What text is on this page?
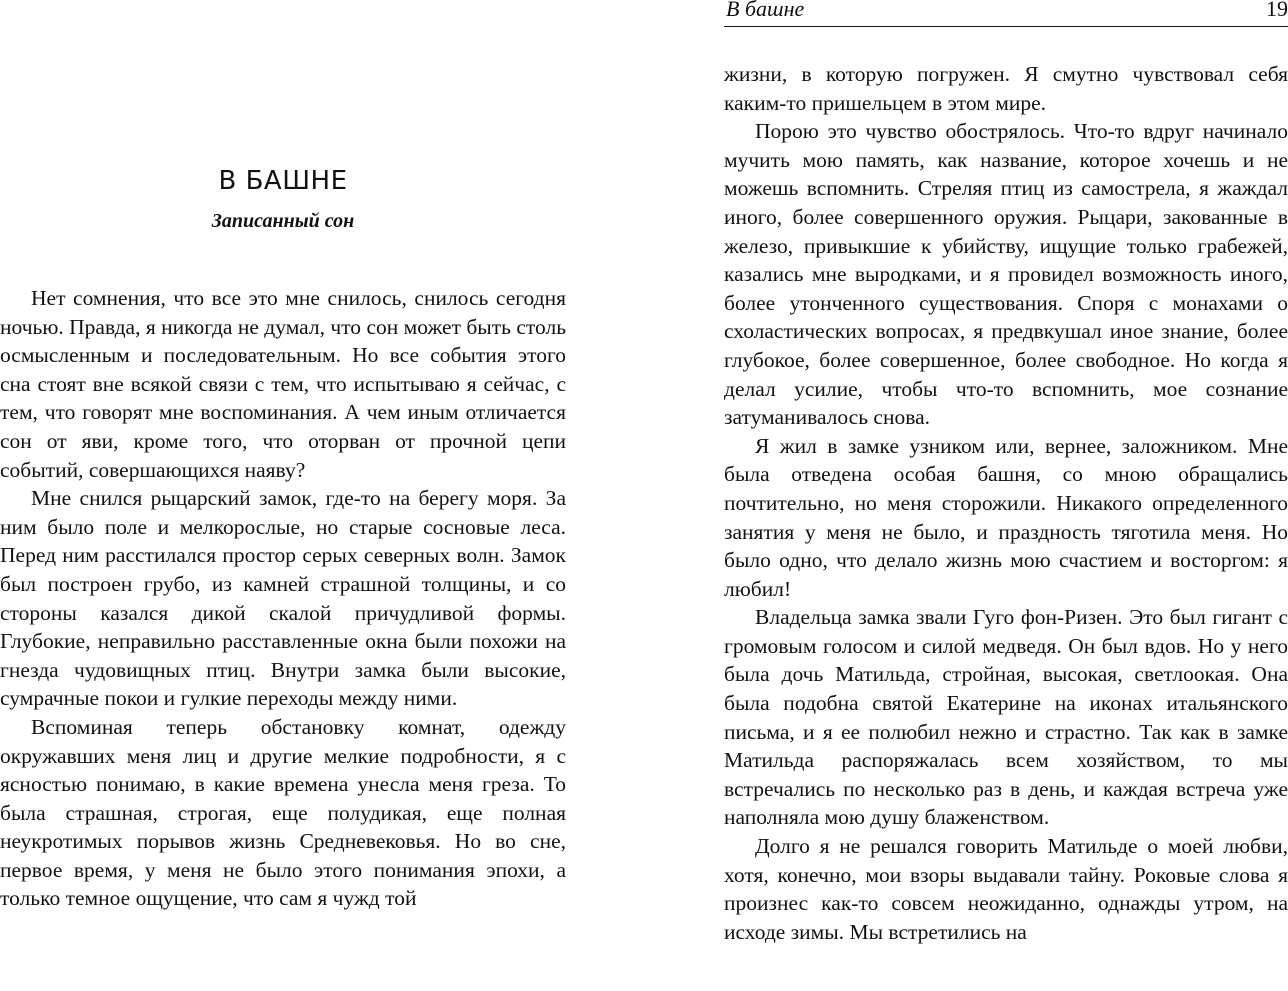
В БАШНЕ
Записанный сон

Нет сомнения, что все это мне снилось, снилось сегодня ночью. Правда, я никогда не думал, что сон может быть столь осмысленным и последовательным. Но все события этого сна стоят вне всякой связи с тем, что испытываю я сейчас, с тем, что говорят мне воспоминания. А чем иным отличается сон от яви, кроме того, что оторван от прочной цепи событий, совершающихся наяву?

Мне снился рыцарский замок, где-то на берегу моря. За ним было поле и мелкорослые, но старые сосновые леса. Перед ним расстилался простор серых северных волн. Замок был построен грубо, из камней страшной толщины, и со стороны казался дикой скалой причудливой формы. Глубокие, неправильно расставленные окна были похожи на гнезда чудовищных птиц. Внутри замка были высокие, сумрачные покои и гулкие переходы между ними.

Вспоминая теперь обстановку комнат, одежду окружавших меня лиц и другие мелкие подробности, я с ясностью понимаю, в какие времена унесла меня греза. То была страшная, строгая, еще полудикая, еще полная неукротимых порывов жизнь Средневековья. Но во сне, первое время, у меня не было этого понимания эпохи, а только темное ощущение, что сам я чужд той

В башне	19

жизни, в которую погружен. Я смутно чувствовал себя каким-то пришельцем в этом мире.

Порою это чувство обострялось. Что-то вдруг начинало мучить мою память, как название, которое хочешь и не можешь вспомнить. Стреляя птиц из самострела, я жаждал иного, более совершенного оружия. Рыцари, закованные в железо, привыкшие к убийству, ищущие только грабежей, казались мне выродками, и я провидел возможность иного, более утонченного существования. Споря с монахами о схоластических вопросах, я предвкушал иное знание, более глубокое, более совершенное, более свободное. Но когда я делал усилие, чтобы что-то вспомнить, мое сознание затуманивалось снова.

Я жил в замке узником или, вернее, заложником. Мне была отведена особая башня, со мною обращались почтительно, но меня сторожили. Никакого определенного занятия у меня не было, и праздность тяготила меня. Но было одно, что делало жизнь мою счастием и восторгом: я любил!

Владельца замка звали Гуго фон-Ризен. Это был гигант с громовым голосом и силой медведя. Он был вдов. Но у него была дочь Матильда, стройная, высокая, светлоокая. Она была подобна святой Екатерине на иконах итальянского письма, и я ее полюбил нежно и страстно. Так как в замке Матильда распоряжалась всем хозяйством, то мы встречались по несколько раз в день, и каждая встреча уже наполняла мою душу блаженством.

Долго я не решался говорить Матильде о моей любви, хотя, конечно, мои взоры выдавали тайну. Роковые слова я произнес как-то совсем неожиданно, однажды утром, на исходе зимы. Мы встретились на
